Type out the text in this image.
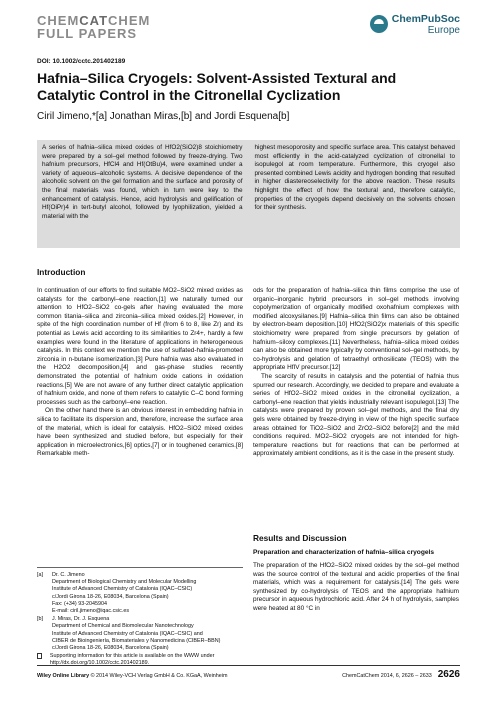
CHEMCATCHEM
FULL PAPERS
ChemPubSoc
Europe
DOI: 10.1002/cctc.201402189
Hafnia–Silica Cryogels: Solvent-Assisted Textural and Catalytic Control in the Citronellal Cyclization
Ciril Jimeno,*[a] Jonathan Miras,[b] and Jordi Esquena[b]

A series of hafnia–silica mixed oxides of HfO2(SiO2)8 stoichiometry were prepared by a sol–gel method followed by freeze-drying. Two hafnium precursors, HfCl4 and Hf(OtBu)4, were examined under a variety of aqueous–alcoholic systems. A decisive dependence of the alcoholic solvent on the gel formation and the surface and porosity of the final materials was found, which in turn were key to the enhancement of catalysis. Hence, acid hydrolysis and gelification of Hf(OiPr)4 in tert-butyl alcohol, followed by lyophilization, yielded a material with the

highest mesoporosity and specific surface area. This catalyst behaved most efficiently in the acid-catalyzed cyclization of citronellal to isopulegol at room temperature. Furthermore, this cryogel also presented combined Lewis acidity and hydrogen bonding that resulted in higher diastereoselectivity for the above reaction. These results highlight the effect of how the textural and, therefore catalytic, properties of the cryogels depend decisively on the solvents chosen for their synthesis.

Introduction

In continuation of our efforts to find suitable MO2–SiO2 mixed oxides as catalysts for the carbonyl–ene reaction,[1] we naturally turned our attention to HfO2–SiO2 co-gels after having evaluated the more common titania–silica and zirconia–silica mixed oxides.[2] However, in spite of the high coordination number of Hf (from 6 to 8, like Zr) and its potential as Lewis acid according to its similarities to Zr4+, hardly a few examples were found in the literature of applications in heterogeneous catalysis. In this context we mention the use of sulfated-hafnia-promoted zirconia in n-butane isomerization.[3] Pure hafnia was also evaluated in the H2O2 decomposition,[4] and gas-phase studies recently demonstrated the potential of hafnium oxide cations in oxidation reactions.[5] We are not aware of any further direct catalytic application of hafnium oxide, and none of them refers to catalytic C–C bond forming processes such as the carbonyl–ene reaction.

On the other hand there is an obvious interest in embedding hafnia in silica to facilitate its dispersion and, therefore, increase the surface area of the material, which is ideal for catalysis. HfO2–SiO2 mixed oxides have been synthesized and studied before, but especially for their application in microelectronics,[6] optics,[7] or in toughened ceramics.[8] Remarkable meth-

ods for the preparation of hafnia–silica thin films comprise the use of organic–inorganic hybrid precursors in sol–gel methods involving copolymerization of organically modified oxohafnium complexes with modified alcoxysilanes.[9] Hafnia–silica thin films can also be obtained by electron-beam deposition.[10] HfO2(SiO2)x materials of this specific stoichiometry were prepared from single precursors by gelation of hafnium–siloxy complexes.[11] Nevertheless, hafnia–silica mixed oxides can also be obtained more typically by conventional sol–gel methods, by co-hydrolysis and gelation of tetraethyl orthosilicate (TEOS) with the appropriate HfIV precursor.[12]

The scarcity of results in catalysis and the potential of hafnia thus spurred our research. Accordingly, we decided to prepare and evaluate a series of HfO2–SiO2 mixed oxides in the citronellal cyclization, a carbonyl–ene reaction that yields industrially relevant isopulegol.[13] The catalysts were prepared by proven sol–gel methods, and the final dry gels were obtained by freeze-drying in view of the high specific surface areas obtained for TiO2–SiO2 and ZrO2–SiO2 before[2] and the mild conditions required. MO2–SiO2 cryogels are not intended for high-temperature reactions but for reactions that can be performed at approximately ambient conditions, as it is the case in the present study.

Results and Discussion
Preparation and characterization of hafnia–silica cryogels
The preparation of the HfO2–SiO2 mixed oxides by the sol–gel method was the source control of the textural and acidic properties of the final materials, which was a requirement for catalysis.[14] The gels were synthesized by co-hydrolysis of TEOS and the appropriate hafnium precursor in aqueous hydrochloric acid. After 24 h of hydrolysis, samples were heated at 80 °C in
[a]	Dr. C. Jimeno
Department of Biological Chemistry and Molecular Modelling
Institute of Advanced Chemistry of Catalonia (IQAC–CSIC)
c/Jordi Girona 18-26, E08034, Barcelona (Spain)
Fax: (+34) 93-2045904
E-mail: ciril.jimeno@iqac.csic.es
[b]	J. Miras, Dr. J. Esquena
Department of Chemical and Biomolecular Nanotechnology
Institute of Advanced Chemistry of Catalonia (IQAC–CSIC) and
CIBER de Bioingeniería, Biomateriales y Nanomedicina (CIBER–BBN)
c/Jordi Girona 18-26, E08034, Barcelona (Spain)
Supporting information for this article is available on the WWW under http://dx.doi.org/10.1002/cctc.201402189.
Wiley Online Library © 2014 Wiley-VCH Verlag GmbH & Co. KGaA, Weinheim	ChemCatChem 2014, 6, 2626 – 2633 2626
